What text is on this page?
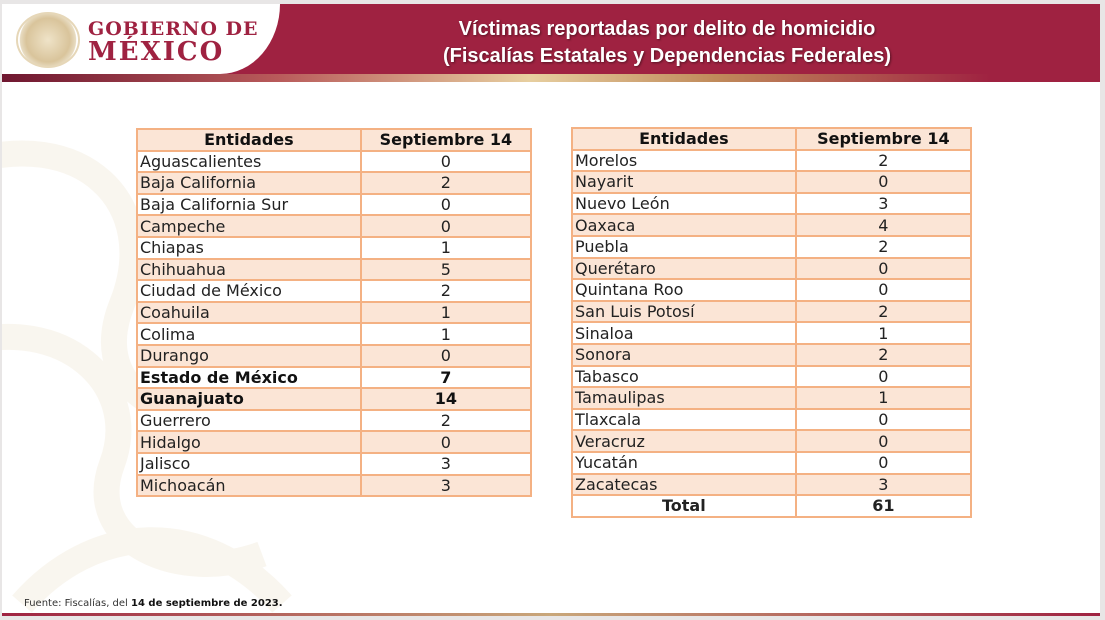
GOBIERNO DE
MÉXICO
Víctimas reportadas por delito de homicidio
(Fiscalías Estatales y Dependencias Federales)
Entidades	Septiembre 14
Aguascalientes	0
Baja California	2
Baja California Sur	0
Campeche	0
Chiapas	1
Chihuahua	5
Ciudad de México	2
Coahuila	1
Colima	1
Durango	0
Estado de México	7
Guanajuato	14
Guerrero	2
Hidalgo	0
Jalisco	3
Michoacán	3
Entidades	Septiembre 14
Morelos	2
Nayarit	0
Nuevo León	3
Oaxaca	4
Puebla	2
Querétaro	0
Quintana Roo	0
San Luis Potosí	2
Sinaloa	1
Sonora	2
Tabasco	0
Tamaulipas	1
Tlaxcala	0
Veracruz	0
Yucatán	0
Zacatecas	3
Total	61
Fuente: Fiscalías, del 14 de septiembre de 2023.
